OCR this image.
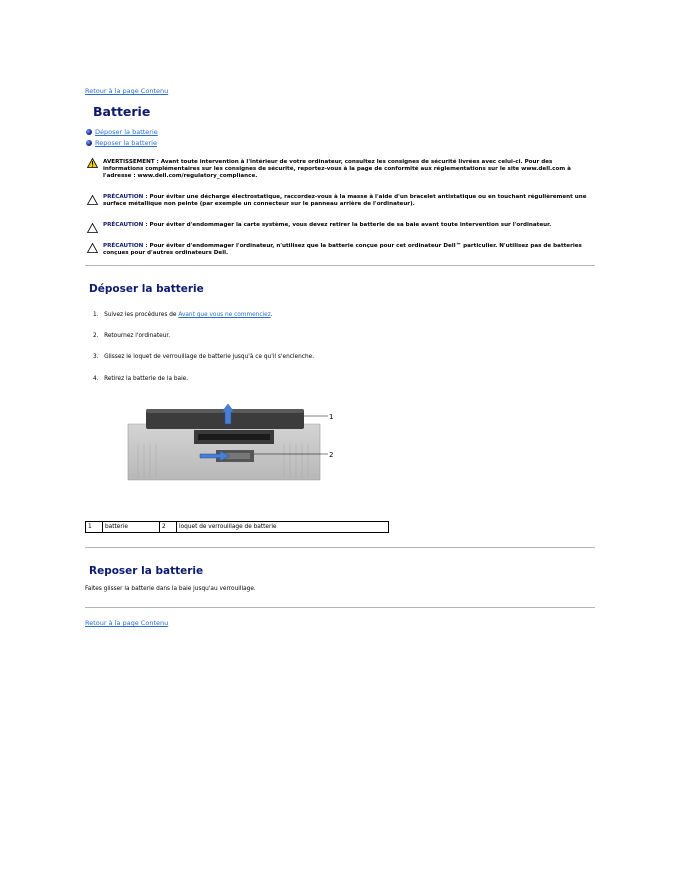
Retour à la page Contenu
Batterie
Déposer la batterie
Reposer la batterie
AVERTISSEMENT : Avant toute intervention à l'intérieur de votre ordinateur, consultez les consignes de sécurité livrées avec celui-ci. Pour des informations complémentaires sur les consignes de sécurité, reportez-vous à la page de conformité aux réglementations sur le site www.dell.com à l'adresse : www.dell.com/regulatory_compliance.
PRÉCAUTION : Pour éviter une décharge électrostatique, raccordez-vous à la masse à l'aide d'un bracelet antistatique ou en touchant régulièrement une surface métallique non peinte (par exemple un connecteur sur le panneau arrière de l'ordinateur).
PRÉCAUTION : Pour éviter d'endommager la carte système, vous devez retirer la batterie de sa baie avant toute intervention sur l'ordinateur.
PRÉCAUTION : Pour éviter d'endommager l'ordinateur, n'utilisez que la batterie conçue pour cet ordinateur Dell™ particulier. N'utilisez pas de batteries conçues pour d'autres ordinateurs Dell.
Déposer la batterie
1. Suivez les procédures de Avant que vous ne commenciez.
2. Retournez l'ordinateur.
3. Glissez le loquet de verrouillage de batterie jusqu'à ce qu'il s'enclenche.
4. Retirez la batterie de la baie.
1
2
1	batterie	2	loquet de verrouillage de batterie
Reposer la batterie
Faites glisser la batterie dans la baie jusqu'au verrouillage.
Retour à la page Contenu
